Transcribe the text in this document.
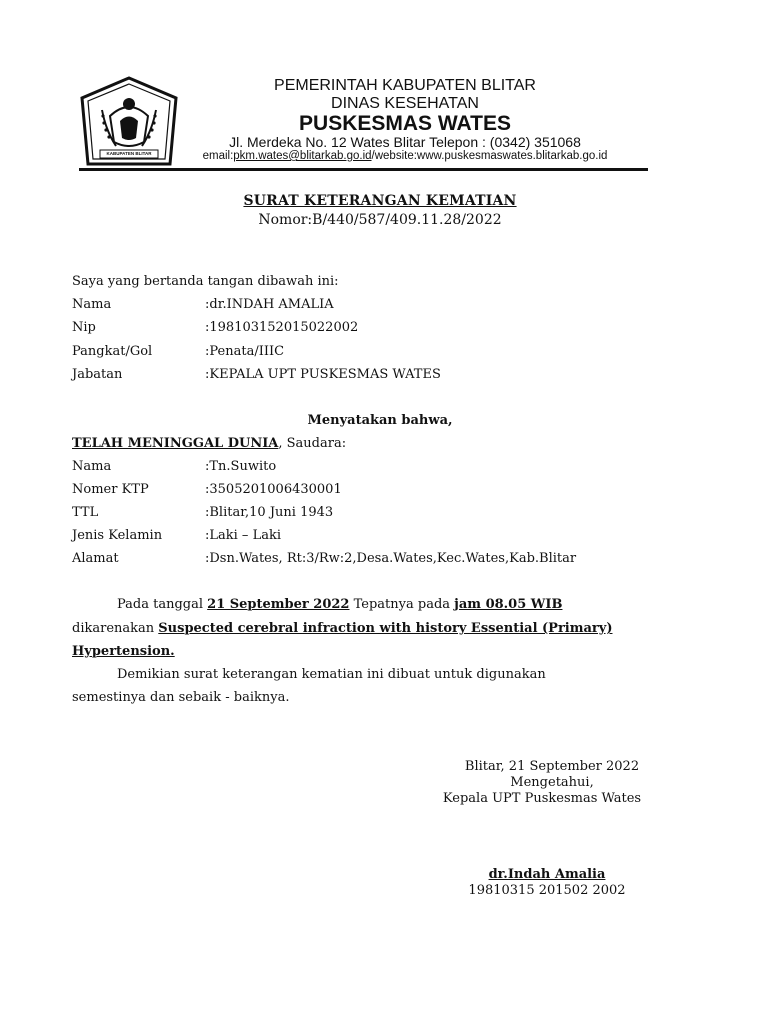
KABUPATEN BLITAR
PEMERINTAH KABUPATEN BLITAR
DINAS KESEHATAN
PUSKESMAS WATES
Jl. Merdeka No. 12 Wates Blitar Telepon : (0342) 351068
email:pkm.wates@blitarkab.go.id/website:www.puskesmaswates.blitarkab.go.id
SURAT KETERANGAN KEMATIAN
Nomor:B/440/587/409.11.28/2022
Saya yang bertanda tangan dibawah ini:
Nama	:dr.INDAH AMALIA
Nip	:198103152015022002
Pangkat/Gol	:Penata/IIIC
Jabatan	:KEPALA UPT PUSKESMAS WATES
Menyatakan bahwa,
TELAH MENINGGAL DUNIA, Saudara:
Nama	:Tn.Suwito
Nomer KTP	:3505201006430001
TTL	:Blitar,10 Juni 1943
Jenis Kelamin	:Laki – Laki
Alamat	:Dsn.Wates, Rt:3/Rw:2,Desa.Wates,Kec.Wates,Kab.Blitar
Pada tanggal 21 September 2022 Tepatnya pada jam 08.05 WIB
dikarenakan Suspected cerebral infraction with history Essential (Primary)
Hypertension.
Demikian surat keterangan kematian ini dibuat untuk digunakan
semestinya dan sebaik - baiknya.
Blitar, 21 September 2022
Mengetahui,
Kepala UPT Puskesmas Wates
dr.Indah Amalia
19810315 201502 2002
